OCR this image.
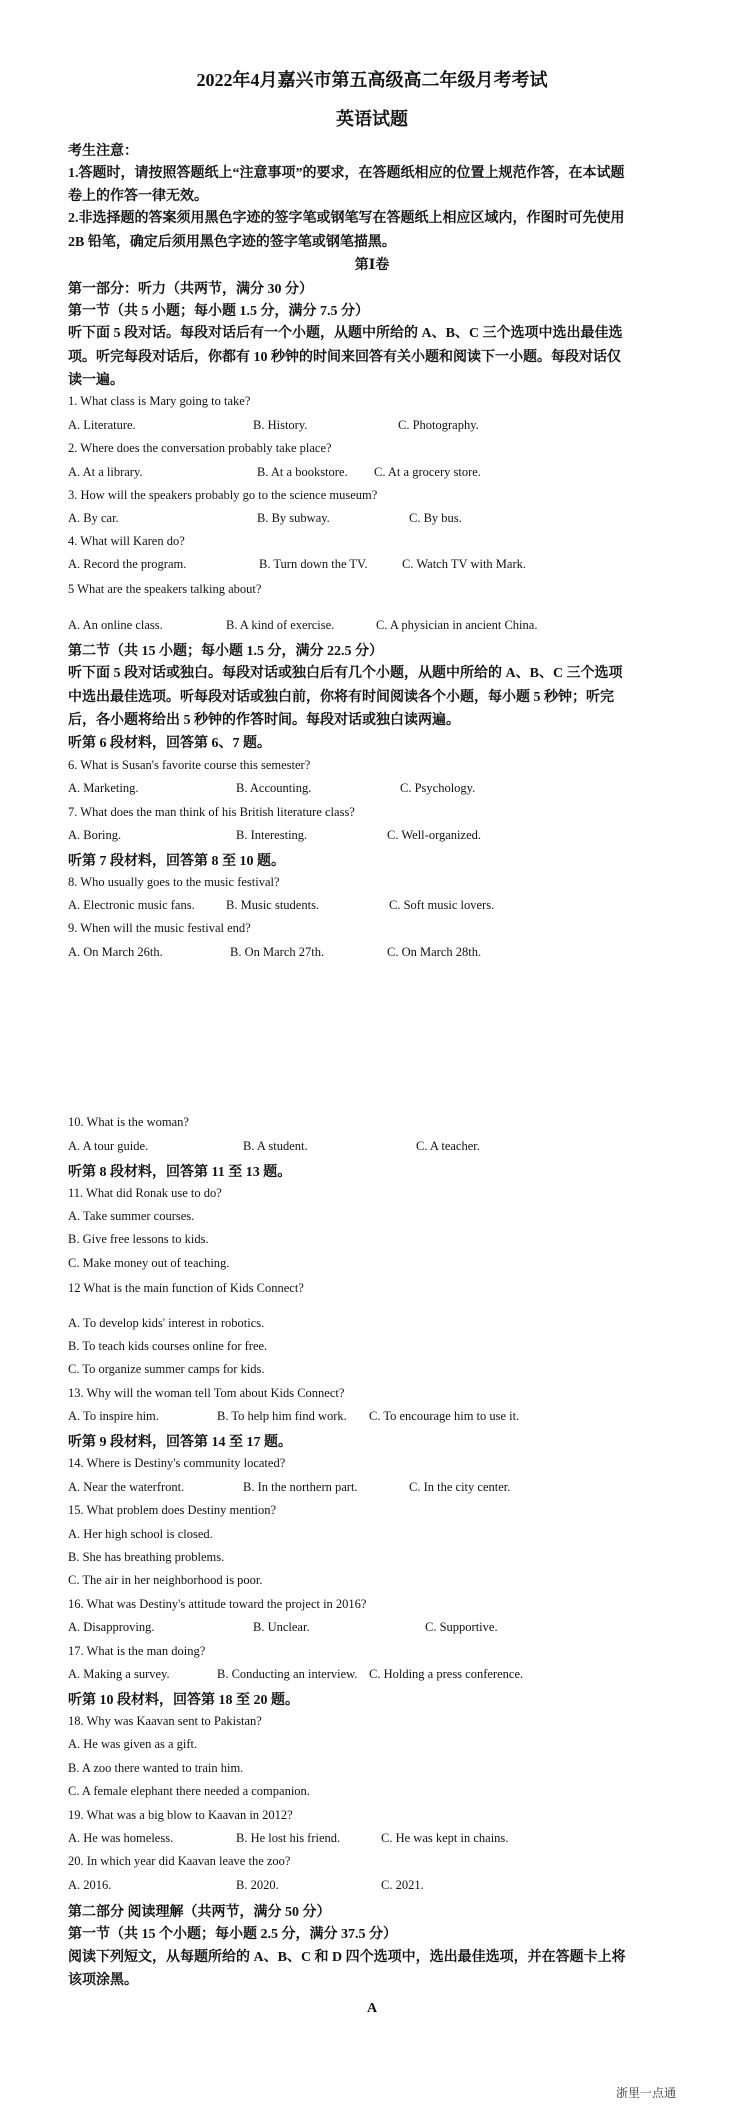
2022年4月嘉兴市第五高级高二年级月考考试
英语试题
考生注意：
1.答题时，请按照答题纸上“注意事项”的要求，在答题纸相应的位置上规范作答，在本试题
卷上的作答一律无效。
2.非选择题的答案须用黑色字迹的签字笔或钢笔写在答题纸上相应区域内，作图时可先使用
2B 铅笔，确定后须用黑色字迹的签字笔或钢笔描黑。
第Ⅰ卷
第一部分：听力（共两节，满分 30 分）
第一节（共 5 小题；每小题 1.5 分，满分 7.5 分）
听下面 5 段对话。每段对话后有一个小题，从题中所给的 A、B、C 三个选项中选出最佳选
项。听完每段对话后，你都有 10 秒钟的时间来回答有关小题和阅读下一小题。每段对话仅
读一遍。
1. What class is Mary going to take?
A. Literature.	B. History.	C. Photography.
2. Where does the conversation probably take place?
A. At a library.	B. At a bookstore. C. At a grocery store.
3. How will the speakers probably go to the science museum?
A. By car.	B. By subway.	C. By bus.
4. What will Karen do?
A. Record the program.	B. Turn down the TV.	C. Watch TV with Mark.
5 What are the speakers talking about?
A. An online class.	B. A kind of exercise.	C. A physician in ancient China.
第二节（共 15 小题；每小题 1.5 分，满分 22.5 分）
听下面 5 段对话或独白。每段对话或独白后有几个小题，从题中所给的 A、B、C 三个选项
中选出最佳选项。听每段对话或独白前，你将有时间阅读各个小题，每小题 5 秒钟；听完
后，各小题将给出 5 秒钟的作答时间。每段对话或独白读两遍。
听第 6 段材料，回答第 6、7 题。
6. What is Susan's favorite course this semester?
A. Marketing.	B. Accounting.	C. Psychology.
7. What does the man think of his British literature class?
A. Boring.	B. Interesting.	C. Well-organized.
听第 7 段材料，回答第 8 至 10 题。
8. Who usually goes to the music festival?
A. Electronic music fans.	B. Music students.	C. Soft music lovers.
9. When will the music festival end?
A. On March 26th.	B. On March 27th.	C. On March 28th.
10. What is the woman?
A. A tour guide.	B. A student.	C. A teacher.
听第 8 段材料，回答第 11 至 13 题。
11. What did Ronak use to do?
A. Take summer courses.
B. Give free lessons to kids.
C. Make money out of teaching.
12 What is the main function of Kids Connect?
A. To develop kids' interest in robotics.
B. To teach kids courses online for free.
C. To organize summer camps for kids.
13. Why will the woman tell Tom about Kids Connect?
A. To inspire him.	B. To help him find work. C. To encourage him to use it.
听第 9 段材料，回答第 14 至 17 题。
14. Where is Destiny's community located?
A. Near the waterfront.	B. In the northern part.	C. In the city center.
15. What problem does Destiny mention?
A. Her high school is closed.
B. She has breathing problems.
C. The air in her neighborhood is poor.
16. What was Destiny's attitude toward the project in 2016?
A. Disapproving.	B. Unclear.	C. Supportive.
17. What is the man doing?
A. Making a survey.	B. Conducting an interview. C. Holding a press conference.
听第 10 段材料，回答第 18 至 20 题。
18. Why was Kaavan sent to Pakistan?
A. He was given as a gift.
B. A zoo there wanted to train him.
C. A female elephant there needed a companion.
19. What was a big blow to Kaavan in 2012?
A. He was homeless.	B. He lost his friend.	C. He was kept in chains.
20. In which year did Kaavan leave the zoo?
A. 2016.	B. 2020.	C. 2021.
第二部分 阅读理解（共两节，满分 50 分）
第一节（共 15 个小题；每小题 2.5 分，满分 37.5 分）
阅读下列短文，从每题所给的 A、B、C 和 D 四个选项中，选出最佳选项，并在答题卡上将
该项涂黑。
A
浙里一点通
